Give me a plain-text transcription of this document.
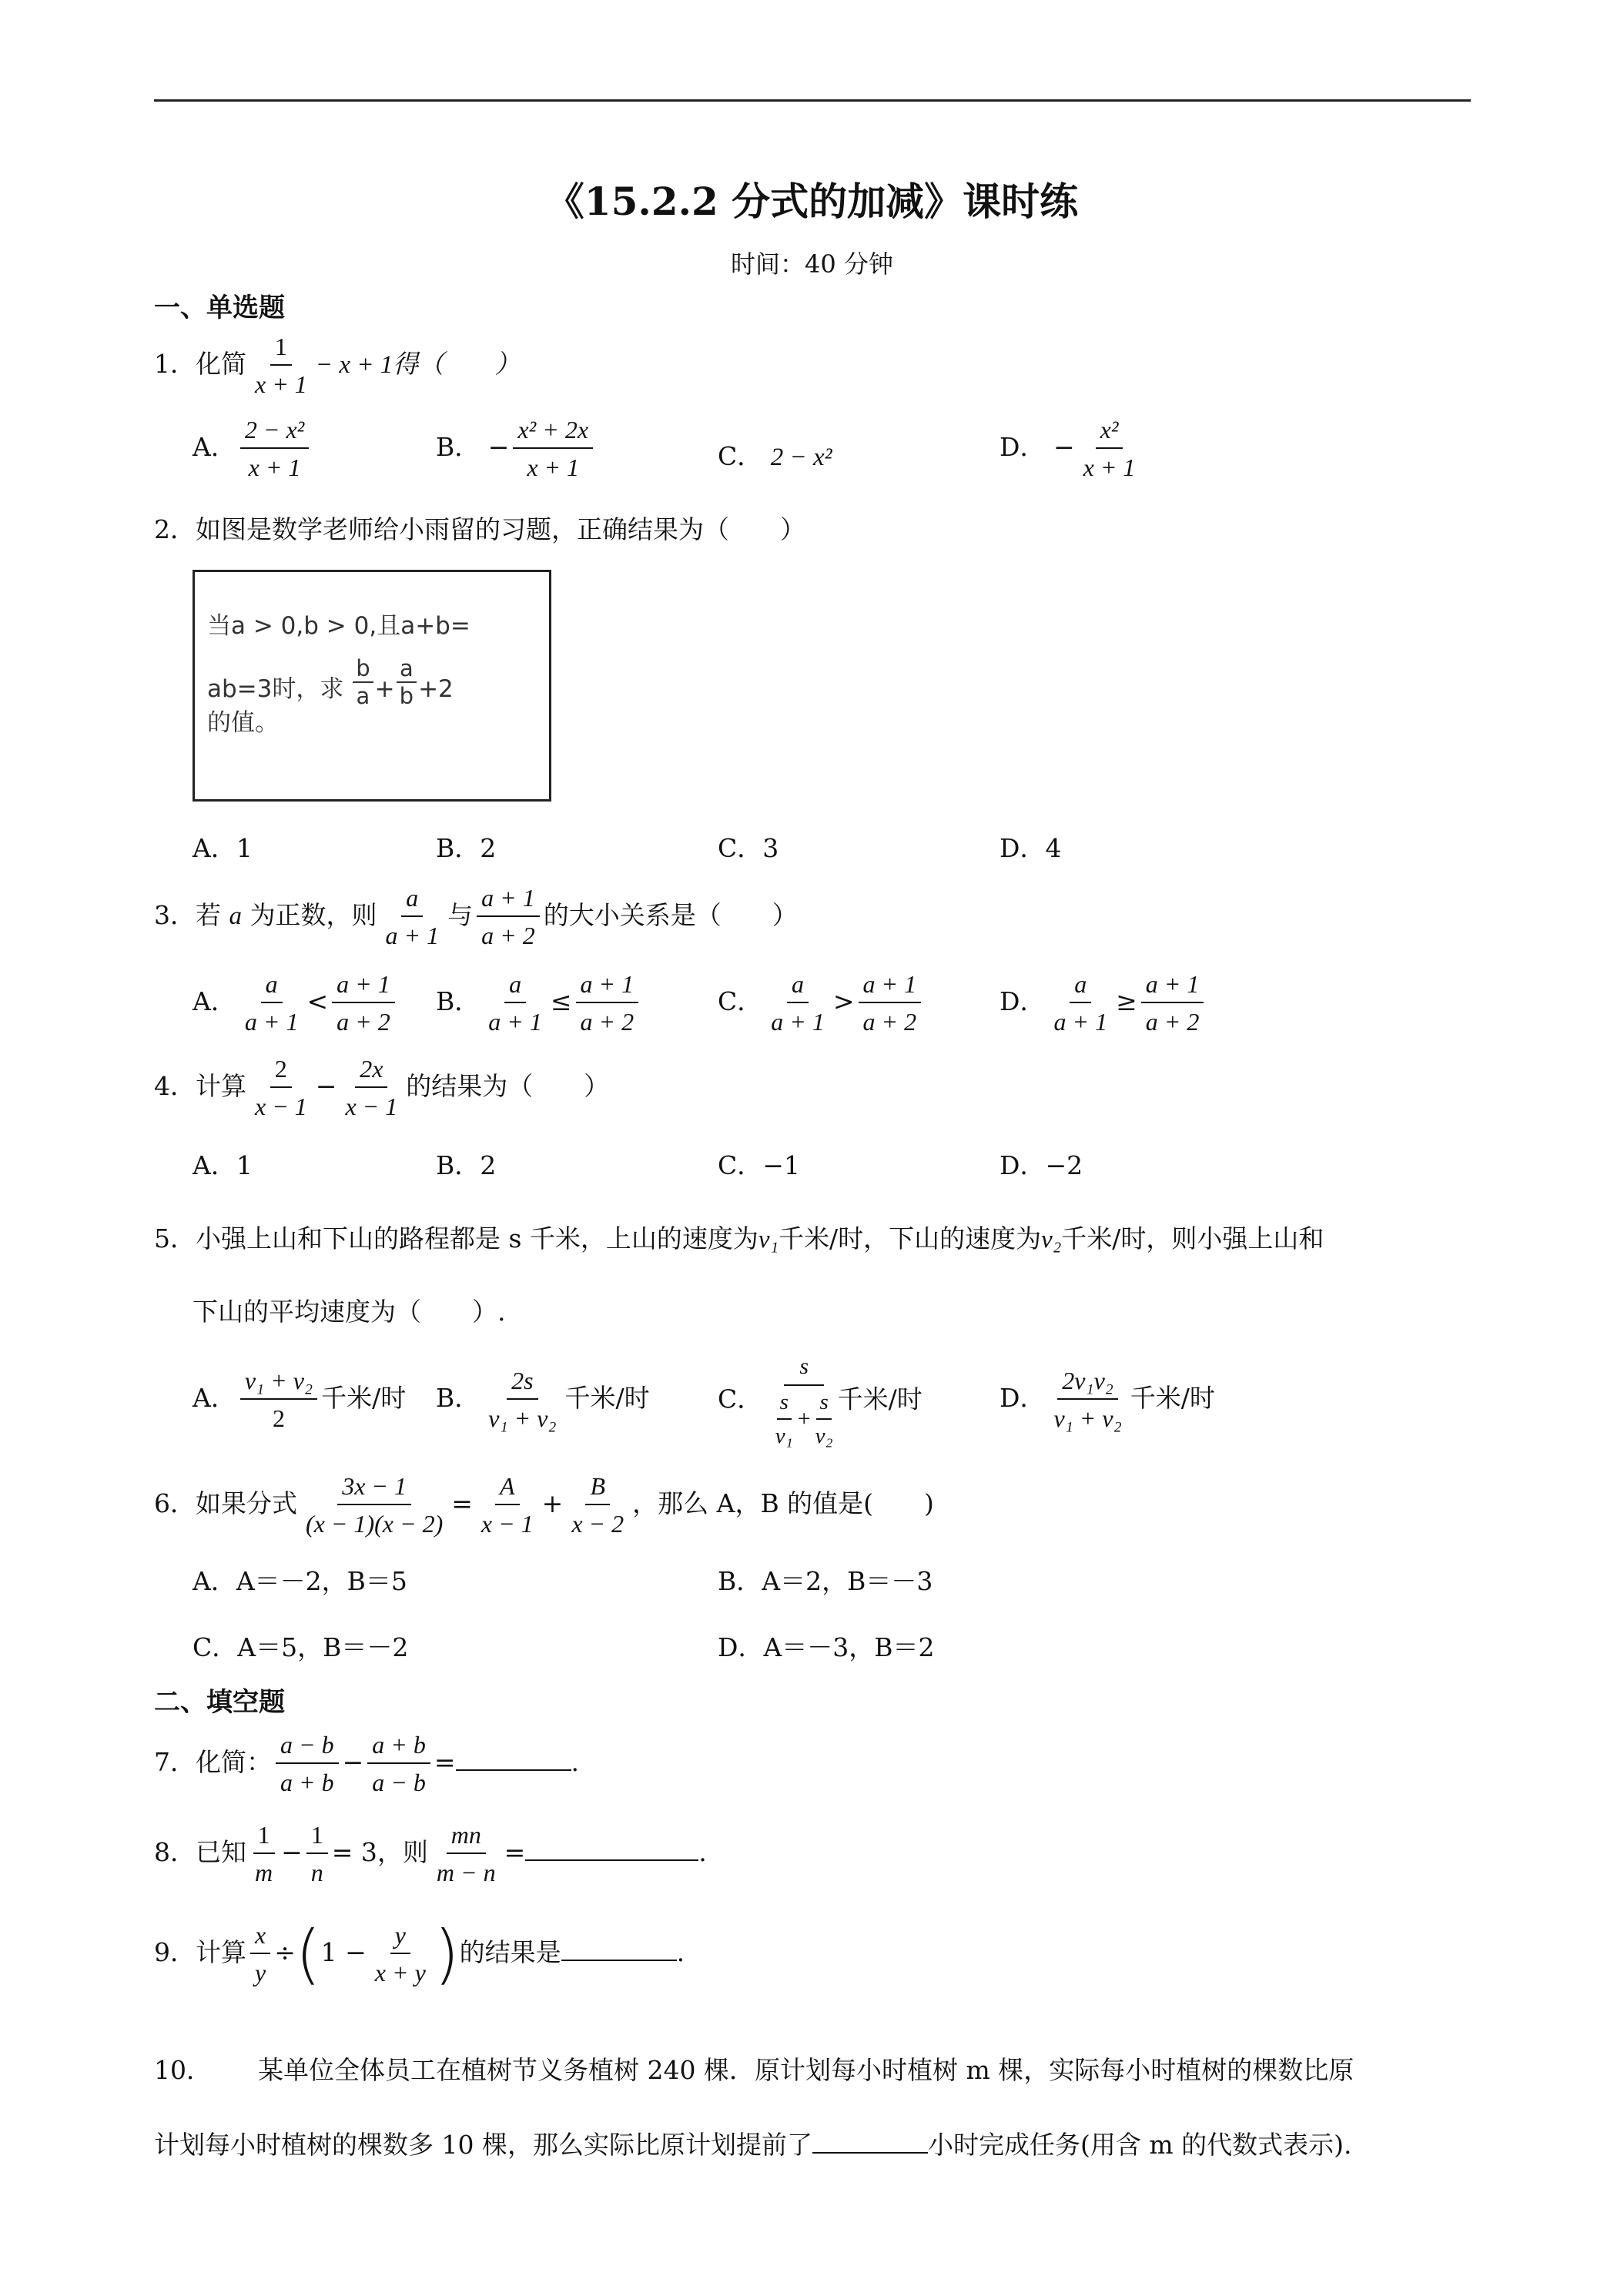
《15.2.2 分式的加减》课时练
时间：40 分钟
一、单选题
1．化简 $\frac{1}{x + 1} - x + 1$得（　　）
A． $\frac{\text{2 − x²}}{x + 1}$	B． − $\frac{\text{x² + 2x}}{x + 1}$	C． 2 − x²	D． − $\frac{\text{x²}}{x + 1}$
2．如图是数学老师给小雨留的习题，正确结果为（　　）
当a > 0,b > 0,且a+b=
ab=3时，求 $\frac{b}{a} + \frac{a}{b} +2$
的值。
A．1	B．2	C．3	D．4
3．若 a 为正数，则 $\frac{a}{a + 1}$ 与 $\frac{a + 1}{a + 2}$ 的大小关系是（　　）
A． $\frac{a}{a + 1} < \frac{a + 1}{a + 2}$ B． $\frac{a}{a + 1} \le \frac{a + 1}{a + 2}$	C． $\frac{a}{a + 1} > \frac{a + 1}{a + 2}$	D． $\frac{a}{a + 1} \ge \frac{a + 1}{a + 2}$
4．计算 $\frac{2}{x - 1} - \frac{2x}{x - 1}$ 的结果为（　　）
A．1	B．2	C．−1	D．−2
5．小强上山和下山的路程都是 s 千米，上山的速度为v₁千米/时，下山的速度为v₂千米/时，则小强上山和
下山的平均速度为（　　）.
A． $\frac{\text{v₁ + v₂}}{2}$ 千米/时 B． $\frac{2s}{\text{v₁ + v₂}}$ 千米/时	C． $\frac{s}{\frac{s}{\text{v₁}} + \frac{s}{\text{v₂}}}$ 千米/时	D． $\frac{\text{2v₁v₂}}{\text{v₁ + v₂}}$ 千米/时
6．如果分式 $\frac{3x - 1}{(x - 1)(x - 2)} = \frac{A}{x - 1} + \frac{B}{x - 2}$ ，那么 A，B 的值是(　　)
A．A＝－2，B＝5	B．A＝2，B＝－3
C．A＝5，B＝－2	D．A＝－3，B＝2
二、填空题
7．化简： $\frac{a - b}{a + b} - \frac{a + b}{a - b}$ =	.
8．已知 $\frac{1}{m} - \frac{1}{n} = 3$，则 $\frac{mn}{m - n}$ =	.
9．计算 $\frac{x}{y} \div(1 - \frac{y}{x + y}$ )的结果是	.
10． 某单位全体员工在植树节义务植树 240 棵．原计划每小时植树 m 棵，实际每小时植树的棵数比原
计划每小时植树的棵数多 10 棵，那么实际比原计划提前了	小时完成任务(用含 m 的代数式表示).
